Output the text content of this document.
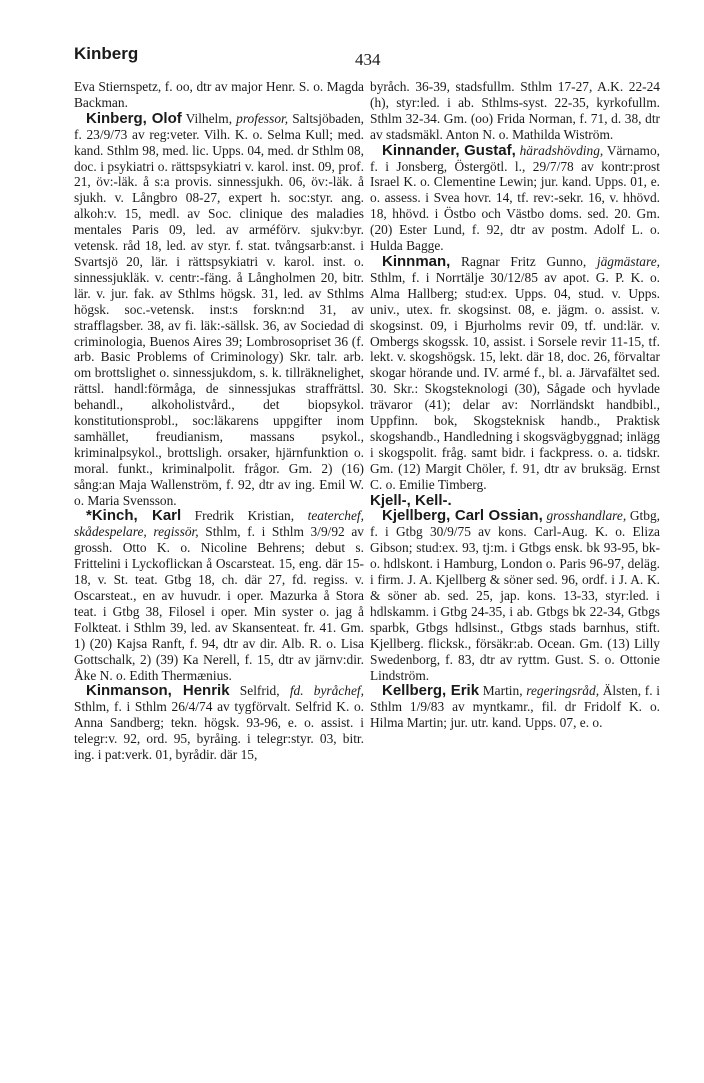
Kinberg	434

Eva Stiernspetz, f. oo, dtr av major Henr. S. o. Magda Backman.

Kinberg, Olof Vilhelm, professor, Saltsjöbaden, f. 23/9/73 av reg:veter. Vilh. K. o. Selma Kull; med. kand. Sthlm 98, med. lic. Upps. 04, med. dr Sthlm 08, doc. i psykiatri o. rättspsykiatri v. karol. inst. 09, prof. 21, öv:-läk. å s:a provis. sinnessjukh. 06, öv:-läk. å sjukh. v. Långbro 08-27, expert h. soc:styr. ang. alkoh:v. 15, medl. av Soc. clinique des maladies mentales Paris 09, led. av arméförv. sjukv:byr. vetensk. råd 18, led. av styr. f. stat. tvångsarb:anst. i Svartsjö 20, lär. i rättspsykiatri v. karol. inst. o. sinnessjukläk. v. centr:-fäng. å Långholmen 20, bitr. lär. v. jur. fak. av Sthlms högsk. 31, led. av Sthlms högsk. soc.-vetensk. inst:s forskn:nd 31, av strafflagsber. 38, av fi. läk:-sällsk. 36, av Sociedad di criminologia, Buenos Aires 39; Lombrosopriset 36 (f. arb. Basic Problems of Criminology) Skr. talr. arb. om brottslighet o. sinnessjukdom, s. k. tillräknelighet, rättsl. handl:förmåga, de sinnessjukas straffrättsl. behandl., alkoholistvård., det biopsykol. konstitutionsprobl., soc:läkarens uppgifter inom samhället, freudianism, massans psykol., kriminalpsykol., brottsligh. orsaker, hjärnfunktion o. moral. funkt., kriminalpolit. frågor. Gm. 2) (16) sång:an Maja Wallenström, f. 92, dtr av ing. Emil W. o. Maria Svensson.

*Kinch, Karl Fredrik Kristian, teaterchef, skådespelare, regissör, Sthlm, f. i Sthlm 3/9/92 av grossh. Otto K. o. Nicoline Behrens; debut s. Frittelini i Lyckoflickan å Oscarsteat. 15, eng. där 15-18, v. St. teat. Gtbg 18, ch. där 27, fd. regiss. v. Oscarsteat., en av huvudr. i oper. Mazurka å Stora teat. i Gtbg 38, Filosel i oper. Min syster o. jag å Folkteat. i Sthlm 39, led. av Skansenteat. fr. 41. Gm. 1) (20) Kajsa Ranft, f. 94, dtr av dir. Alb. R. o. Lisa Gottschalk, 2) (39) Ka Nerell, f. 15, dtr av järnv:dir. Åke N. o. Edith Thermænius.

Kinmanson, Henrik Selfrid, fd. byråchef, Sthlm, f. i Sthlm 26/4/74 av tygförvalt. Selfrid K. o. Anna Sandberg; tekn. högsk. 93-96, e. o. assist. i telegr:v. 92, ord. 95, byråing. i telegr:styr. 03, bitr. ing. i pat:verk. 01, byrådir. där 15,

byråch. 36-39, stadsfullm. Sthlm 17-27, A.K. 22-24 (h), styr:led. i ab. Sthlms-syst. 22-35, kyrkofullm. Sthlm 32-34. Gm. (oo) Frida Norman, f. 71, d. 38, dtr av stadsmäkl. Anton N. o. Mathilda Wiström.

Kinnander, Gustaf, häradshövding, Värnamo, f. i Jonsberg, Östergötl. l., 29/7/78 av kontr:prost Israel K. o. Clementine Lewin; jur. kand. Upps. 01, e. o. assess. i Svea hovr. 14, tf. rev:-sekr. 16, v. hhövd. 18, hhövd. i Östbo och Västbo doms. sed. 20. Gm. (20) Ester Lund, f. 92, dtr av postm. Adolf L. o. Hulda Bagge.

Kinnman, Ragnar Fritz Gunno, jägmästare, Sthlm, f. i Norrtälje 30/12/85 av apot. G. P. K. o. Alma Hallberg; stud:ex. Upps. 04, stud. v. Upps. univ., utex. fr. skogsinst. 08, e. jägm. o. assist. v. skogsinst. 09, i Bjurholms revir 09, tf. und:lär. v. Ombergs skogssk. 10, assist. i Sorsele revir 11-15, tf. lekt. v. skogshögsk. 15, lekt. där 18, doc. 26, förvaltar skogar hörande und. IV. armé f., bl. a. Järvafältet sed. 30. Skr.: Skogsteknologi (30), Sågade och hyvlade trävaror (41); delar av: Norrländskt handbibl., Uppfinn. bok, Skogsteknisk handb., Praktisk skogshandb., Handledning i skogsvägbyggnad; inlägg i skogspolit. fråg. samt bidr. i fackpress. o. a. tidskr. Gm. (12) Margit Chöler, f. 91, dtr av bruksäg. Ernst C. o. Emilie Timberg.

Kjell-, Kell-.

Kjellberg, Carl Ossian, grosshandlare, Gtbg, f. i Gtbg 30/9/75 av kons. Carl-Aug. K. o. Eliza Gibson; stud:ex. 93, tj:m. i Gtbgs ensk. bk 93-95, bk- o. hdlskont. i Hamburg, London o. Paris 96-97, deläg. i firm. J. A. Kjellberg & söner sed. 96, ordf. i J. A. K. & söner ab. sed. 25, jap. kons. 13-33, styr:led. i hdlskamm. i Gtbg 24-35, i ab. Gtbgs bk 22-34, Gtbgs sparbk, Gtbgs hdlsinst., Gtbgs stads barnhus, stift. Kjellberg. flicksk., försäkr:ab. Ocean. Gm. (13) Lilly Swedenborg, f. 83, dtr av ryttm. Gust. S. o. Ottonie Lindström.

Kellberg, Erik Martin, regeringsråd, Älsten, f. i Sthlm 1/9/83 av myntkamr., fil. dr Fridolf K. o. Hilma Martin; jur. utr. kand. Upps. 07, e. o.
